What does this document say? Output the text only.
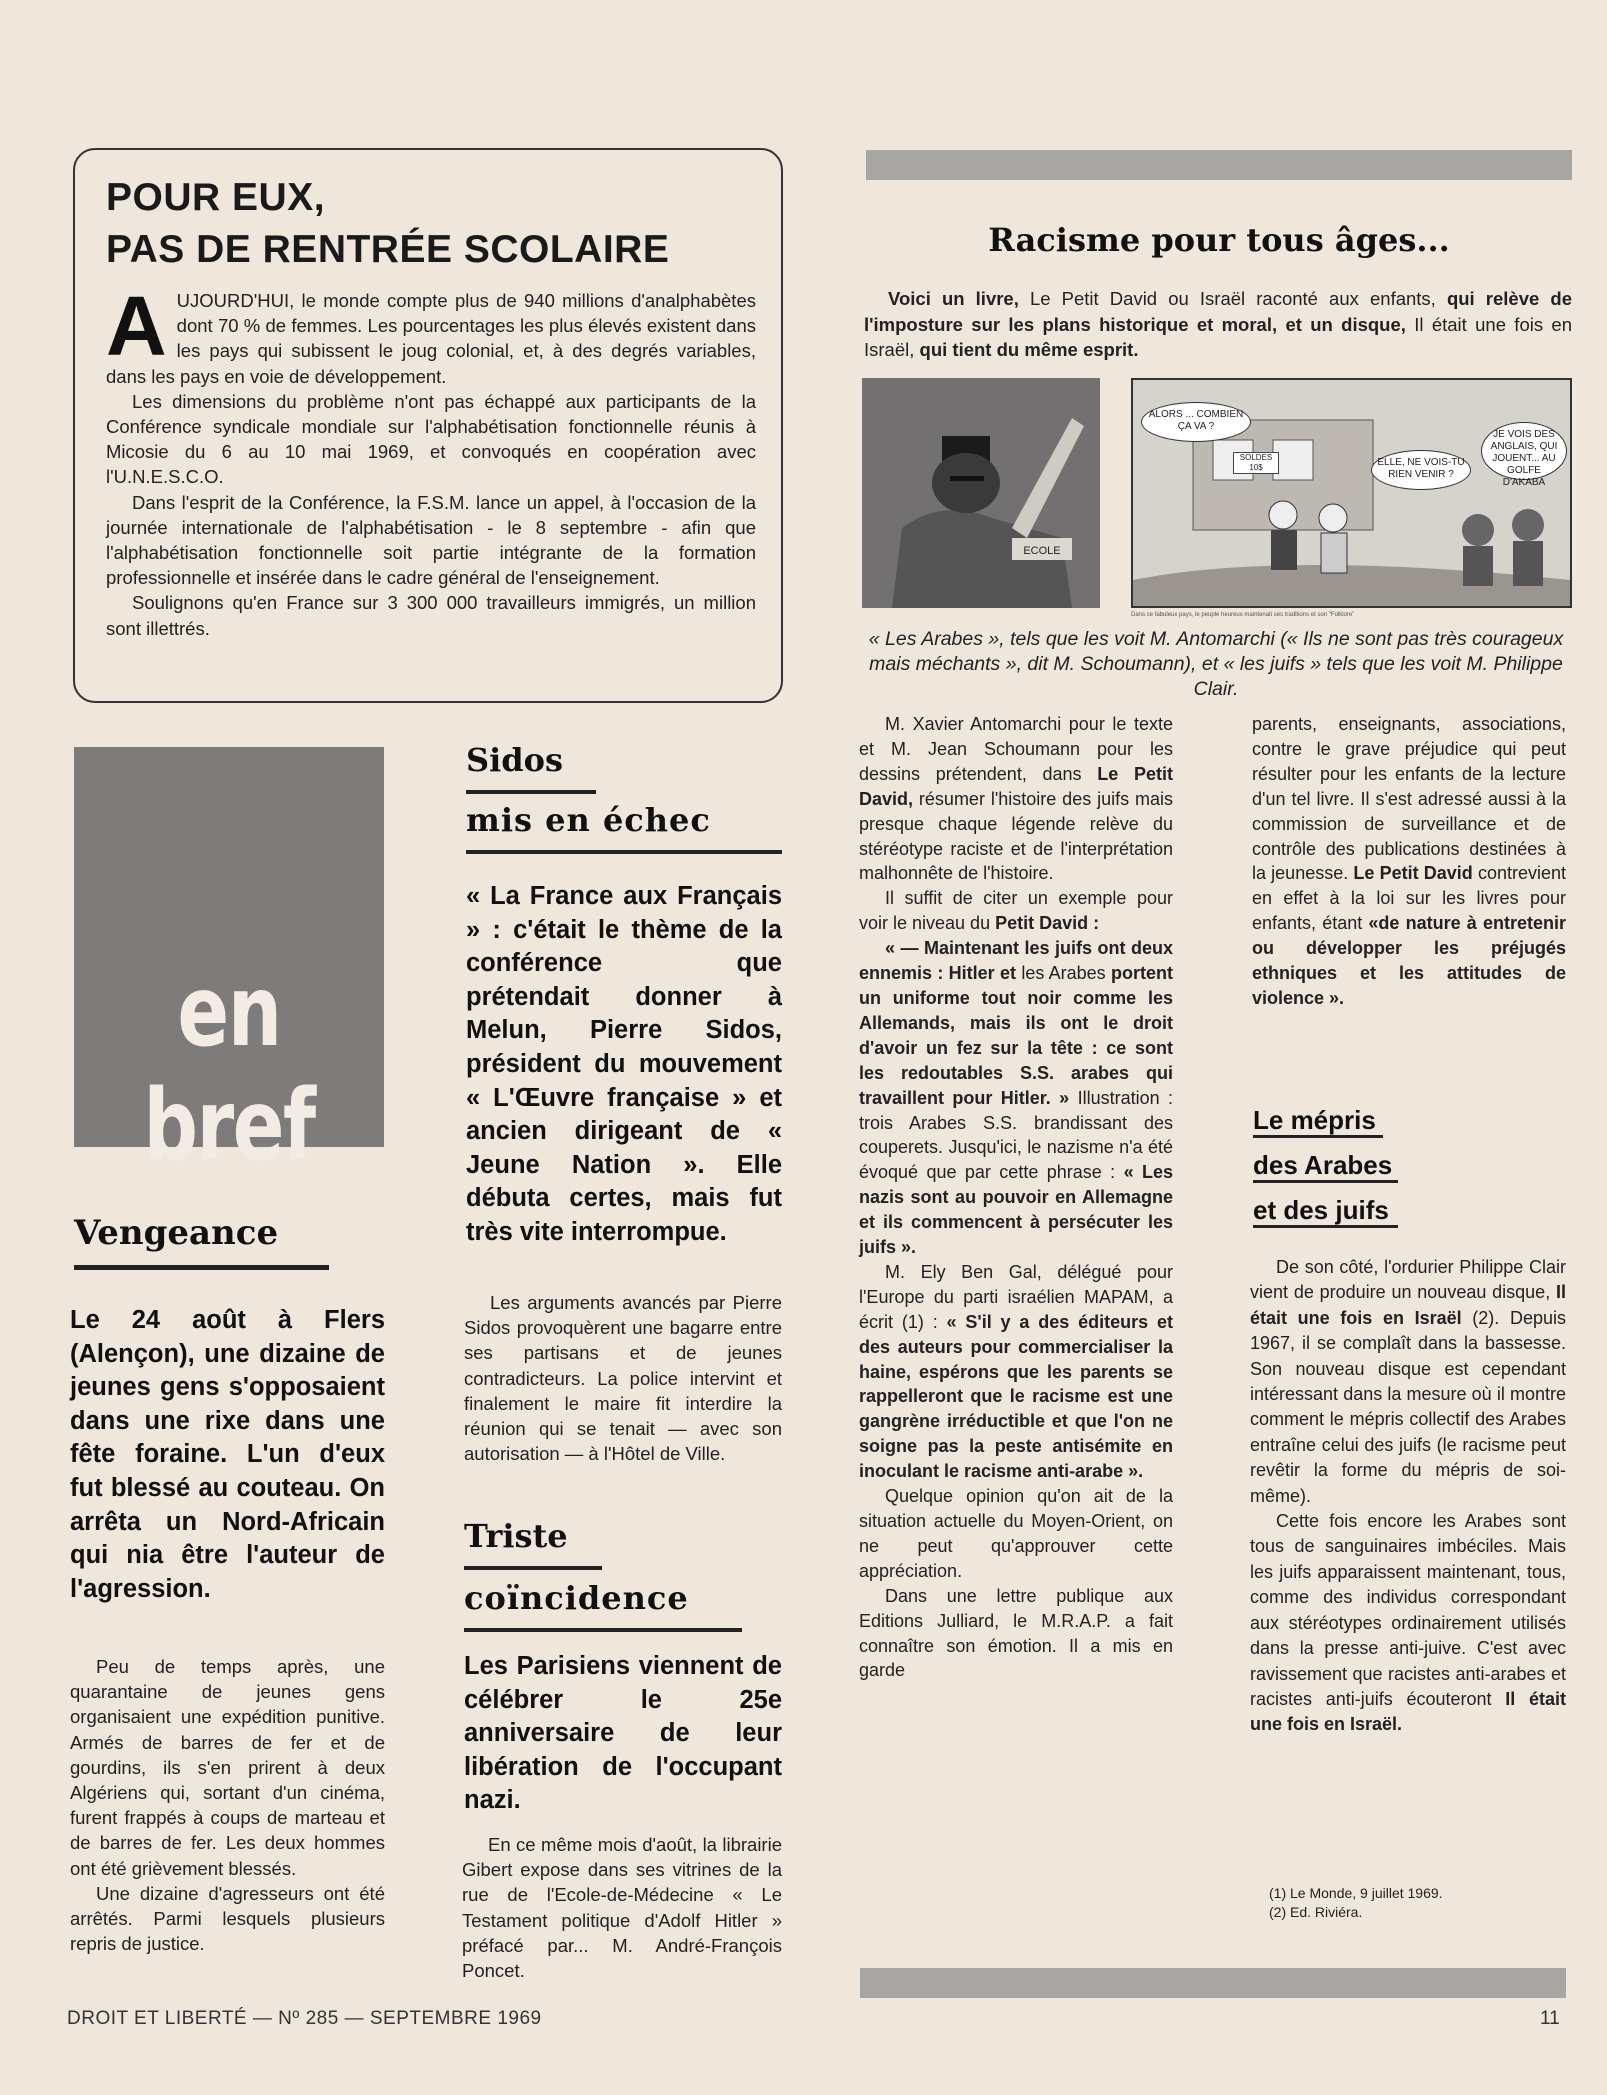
POUR EUX,
PAS DE RENTRÉE SCOLAIRE

AUJOURD'HUI, le monde compte plus de 940 millions d'analphabètes dont 70 % de femmes. Les pourcentages les plus élevés existent dans les pays qui subissent le joug colonial, et, à des degrés variables, dans les pays en voie de développement.

Les dimensions du problème n'ont pas échappé aux participants de la Conférence syndicale mondiale sur l'alphabétisation fonctionnelle réunis à Micosie du 6 au 10 mai 1969, et convoqués en coopération avec l'U.N.E.S.C.O.

Dans l'esprit de la Conférence, la F.S.M. lance un appel, à l'occasion de la journée internationale de l'alphabétisation - le 8 septembre - afin que l'alphabétisation fonctionnelle soit partie intégrante de la formation professionnelle et insérée dans le cadre général de l'enseignement.

Soulignons qu'en France sur 3 300 000 travailleurs immigrés, un million sont illettrés.

en bref
Vengeance
Le 24 août à Flers (Alençon), une dizaine de jeunes gens s'opposaient dans une rixe dans une fête foraine. L'un d'eux fut blessé au couteau. On arrêta un Nord-Africain qui nia être l'auteur de l'agression.

Peu de temps après, une quarantaine de jeunes gens organisaient une expédition punitive. Armés de barres de fer et de gourdins, ils s'en prirent à deux Algériens qui, sortant d'un cinéma, furent frappés à coups de marteau et de barres de fer. Les deux hommes ont été grièvement blessés.

Une dizaine d'agresseurs ont été arrêtés. Parmi lesquels plusieurs repris de justice.

Sidos
mis en échec
« La France aux Français » : c'était le thème de la conférence que prétendait donner à Melun, Pierre Sidos, président du mouvement « L'Œuvre française » et ancien dirigeant de « Jeune Nation ». Elle débuta certes, mais fut très vite interrompue.

Les arguments avancés par Pierre Sidos provoquèrent une bagarre entre ses partisans et de jeunes contradicteurs. La police intervint et finalement le maire fit interdire la réunion qui se tenait — avec son autorisation — à l'Hôtel de Ville.

Triste
coïncidence
Les Parisiens viennent de célébrer le 25e anniversaire de leur libération de l'occupant nazi.

En ce même mois d'août, la librairie Gibert expose dans ses vitrines de la rue de l'Ecole-de-Médecine « Le Testament politique d'Adolf Hitler » préfacé par... M. André-François Poncet.

Racisme pour tous âges...
Voici un livre, Le Petit David ou Israël raconté aux enfants, qui relève de l'imposture sur les plans historique et moral, et un disque, Il était une fois en Israël, qui tient du même esprit.
ECOLE
ALORS ... COMBIEN ÇA VA ?
SOLDES 10$	ELLE, NE VOIS-TU RIEN VENIR ?
JE VOIS DES ANGLAIS, QUI JOUENT... AU GOLFE D'AKABA
Dans ce fabuleux pays, le peuple heureux maintenait ses traditions et son "Folklore"
« Les Arabes », tels que les voit M. Antomarchi (« Ils ne sont pas très courageux mais méchants », dit M. Schoumann), et « les juifs » tels que les voit M. Philippe Clair.

M. Xavier Antomarchi pour le texte et M. Jean Schoumann pour les dessins prétendent, dans Le Petit David, résumer l'histoire des juifs mais presque chaque légende relève du stéréotype raciste et de l'interprétation malhonnête de l'histoire.

Il suffit de citer un exemple pour voir le niveau du Petit David :

« — Maintenant les juifs ont deux ennemis : Hitler et les Arabes portent un uniforme tout noir comme les Allemands, mais ils ont le droit d'avoir un fez sur la tête : ce sont les redoutables S.S. arabes qui travaillent pour Hitler. » Illustration : trois Arabes S.S. brandissant des couperets. Jusqu'ici, le nazisme n'a été évoqué que par cette phrase : « Les nazis sont au pouvoir en Allemagne et ils commencent à persécuter les juifs ».

M. Ely Ben Gal, délégué pour l'Europe du parti israélien MAPAM, a écrit (1) : « S'il y a des éditeurs et des auteurs pour commercialiser la haine, espérons que les parents se rappelleront que le racisme est une gangrène irréductible et que l'on ne soigne pas la peste antisémite en inoculant le racisme anti-arabe ».

Quelque opinion qu'on ait de la situation actuelle du Moyen-Orient, on ne peut qu'approuver cette appréciation.

Dans une lettre publique aux Editions Julliard, le M.R.A.P. a fait connaître son émotion. Il a mis en garde

parents, enseignants, associations, contre le grave préjudice qui peut résulter pour les enfants de la lecture d'un tel livre. Il s'est adressé aussi à la commission de surveillance et de contrôle des publications destinées à la jeunesse. Le Petit David contrevient en effet à la loi sur les livres pour enfants, étant «de nature à entretenir ou développer les préjugés ethniques et les attitudes de violence ».

Le mépris
des Arabes
et des juifs

De son côté, l'ordurier Philippe Clair vient de produire un nouveau disque, Il était une fois en Israël (2). Depuis 1967, il se complaît dans la bassesse. Son nouveau disque est cependant intéressant dans la mesure où il montre comment le mépris collectif des Arabes entraîne celui des juifs (le racisme peut revêtir la forme du mépris de soi-même).

Cette fois encore les Arabes sont tous de sanguinaires imbéciles. Mais les juifs apparaissent maintenant, tous, comme des individus correspondant aux stéréotypes ordinairement utilisés dans la presse anti-juive. C'est avec ravissement que racistes anti-arabes et racistes anti-juifs écouteront Il était une fois en Israël.

(1) Le Monde, 9 juillet 1969.
(2) Ed. Riviéra.
DROIT ET LIBERTÉ — Nº 285 — SEPTEMBRE 1969	11
